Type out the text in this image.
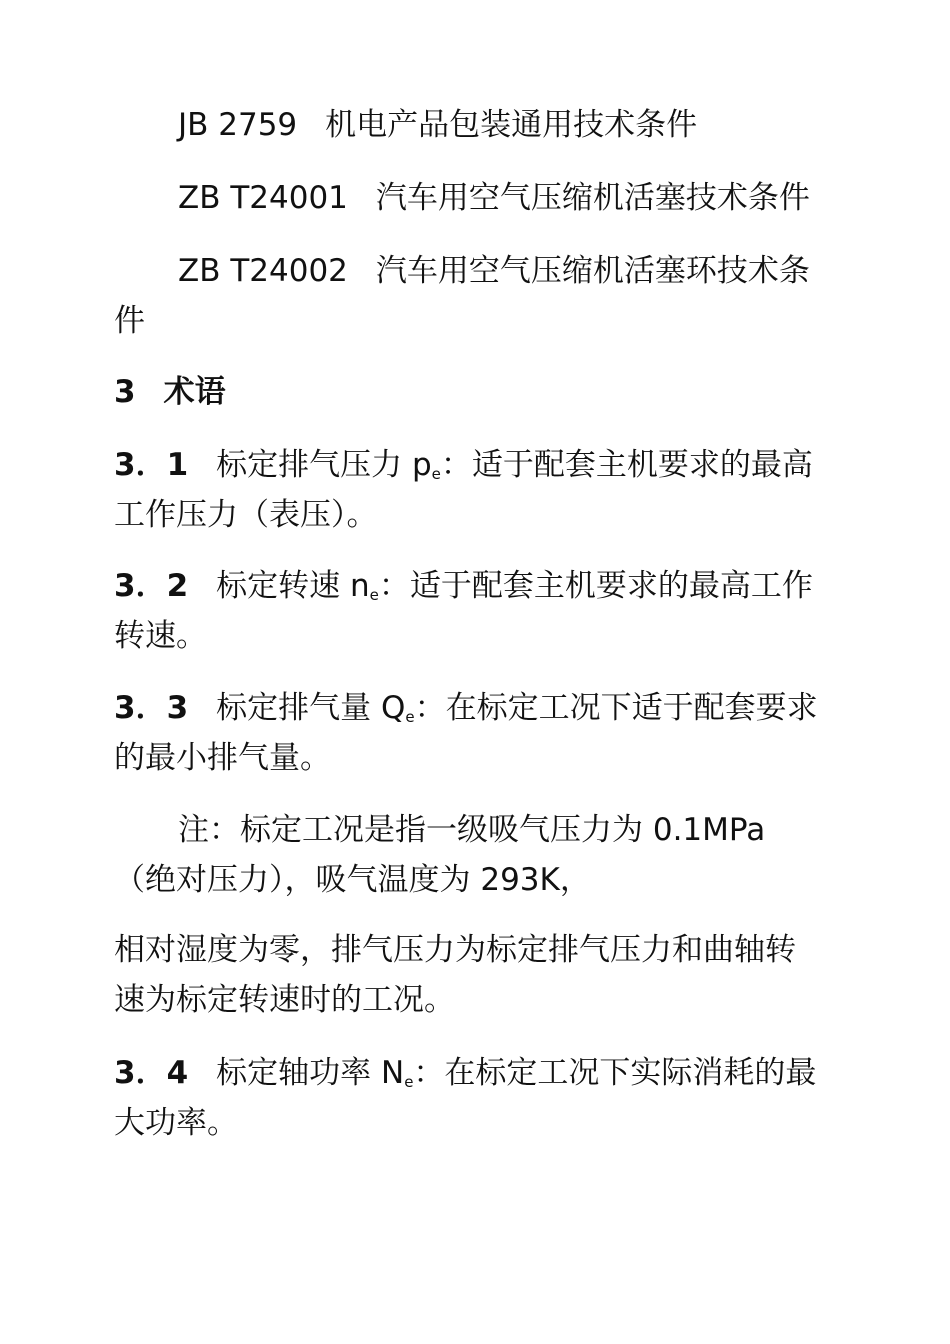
JB 2759 机电产品包装通用技术条件
ZB T24001 汽车用空气压缩机活塞技术条件
ZB T24002 汽车用空气压缩机活塞环技术条
件
3 术语
3．1 标定排气压力 $p_e$：适于配套主机要求的最高
工作压力（表压）。
3．2 标定转速 $n_e$：适于配套主机要求的最高工作
转速。
3．3 标定排气量 $Q_e$：在标定工况下适于配套要求
的最小排气量。
注：标定工况是指一级吸气压力为 0.1MPa
（绝对压力），吸气温度为 293K，
相对湿度为零，排气压力为标定排气压力和曲轴转
速为标定转速时的工况。
3．4 标定轴功率 $N_e$：在标定工况下实际消耗的最
大功率。
